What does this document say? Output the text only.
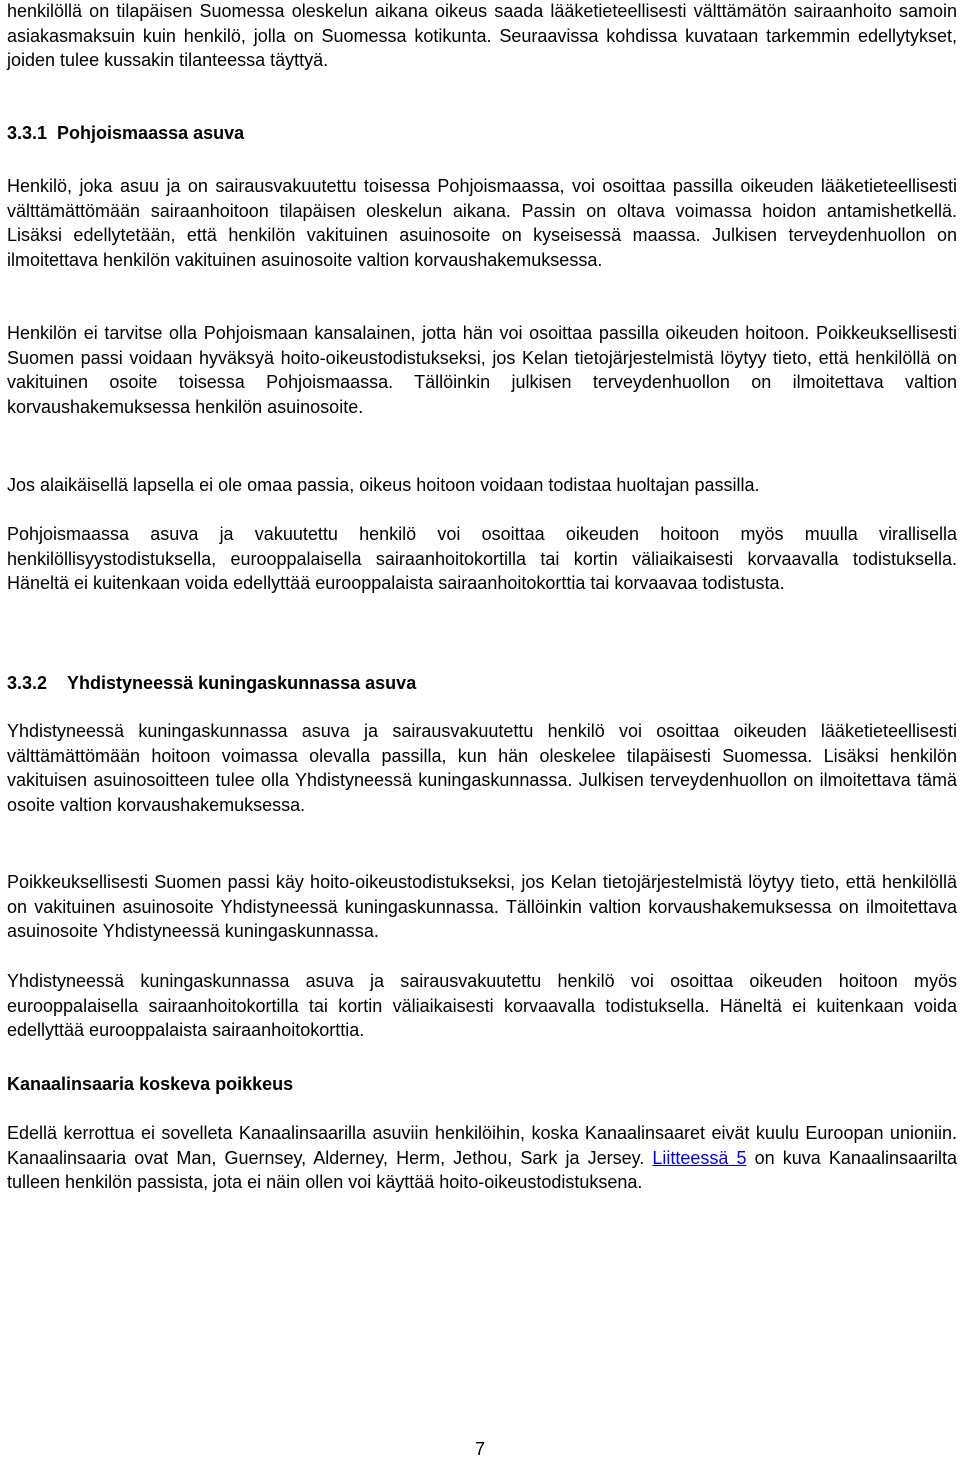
henkilöllä on tilapäisen Suomessa oleskelun aikana oikeus saada lääketieteellisesti välttämätön sairaanhoito samoin asiakasmaksuin kuin henkilö, jolla on Suomessa kotikunta. Seuraavissa kohdissa kuvataan tarkemmin edellytykset, joiden tulee kussakin tilanteessa täyttyä.

3.3.1 Pohjoismaassa asuva

Henkilö, joka asuu ja on sairausvakuutettu toisessa Pohjoismaassa, voi osoittaa passilla oikeuden lääketieteellisesti välttämättömään sairaanhoitoon tilapäisen oleskelun aikana. Passin on oltava voimassa hoidon antamishetkellä. Lisäksi edellytetään, että henkilön vakituinen asuinosoite on kyseisessä maassa. Julkisen terveydenhuollon on ilmoitettava henkilön vakituinen asuinosoite valtion korvaushakemuksessa.

Henkilön ei tarvitse olla Pohjoismaan kansalainen, jotta hän voi osoittaa passilla oikeuden hoitoon. Poikkeuksellisesti Suomen passi voidaan hyväksyä hoito-oikeustodistukseksi, jos Kelan tietojärjestelmistä löytyy tieto, että henkilöllä on vakituinen osoite toisessa Pohjoismaassa. Tällöinkin julkisen terveydenhuollon on ilmoitettava valtion korvaushakemuksessa henkilön asuinosoite.

Jos alaikäisellä lapsella ei ole omaa passia, oikeus hoitoon voidaan todistaa huoltajan passilla.

Pohjoismaassa asuva ja vakuutettu henkilö voi osoittaa oikeuden hoitoon myös muulla virallisella henkilöllisyystodistuksella, eurooppalaisella sairaanhoitokortilla tai kortin väliaikaisesti korvaavalla todistuksella. Häneltä ei kuitenkaan voida edellyttää eurooppalaista sairaanhoitokorttia tai korvaavaa todistusta.

3.3.2 Yhdistyneessä kuningaskunnassa asuva

Yhdistyneessä kuningaskunnassa asuva ja sairausvakuutettu henkilö voi osoittaa oikeuden lääketieteellisesti välttämättömään hoitoon voimassa olevalla passilla, kun hän oleskelee tilapäisesti Suomessa. Lisäksi henkilön vakituisen asuinosoitteen tulee olla Yhdistyneessä kuningaskunnassa. Julkisen terveydenhuollon on ilmoitettava tämä osoite valtion korvaushakemuksessa.

Poikkeuksellisesti Suomen passi käy hoito-oikeustodistukseksi, jos Kelan tietojärjestelmistä löytyy tieto, että henkilöllä on vakituinen asuinosoite Yhdistyneessä kuningaskunnassa. Tällöinkin valtion korvaushakemuksessa on ilmoitettava asuinosoite Yhdistyneessä kuningaskunnassa.

Yhdistyneessä kuningaskunnassa asuva ja sairausvakuutettu henkilö voi osoittaa oikeuden hoitoon myös eurooppalaisella sairaanhoitokortilla tai kortin väliaikaisesti korvaavalla todistuksella. Häneltä ei kuitenkaan voida edellyttää eurooppalaista sairaanhoitokorttia.

Kanaalinsaaria koskeva poikkeus

Edellä kerrottua ei sovelleta Kanaalinsaarilla asuviin henkilöihin, koska Kanaalinsaaret eivät kuulu Euroopan unioniin. Kanaalinsaaria ovat Man, Guernsey, Alderney, Herm, Jethou, Sark ja Jersey. Liitteessä 5 on kuva Kanaalinsaarilta tulleen henkilön passista, jota ei näin ollen voi käyttää hoito-oikeustodistuksena.

7
